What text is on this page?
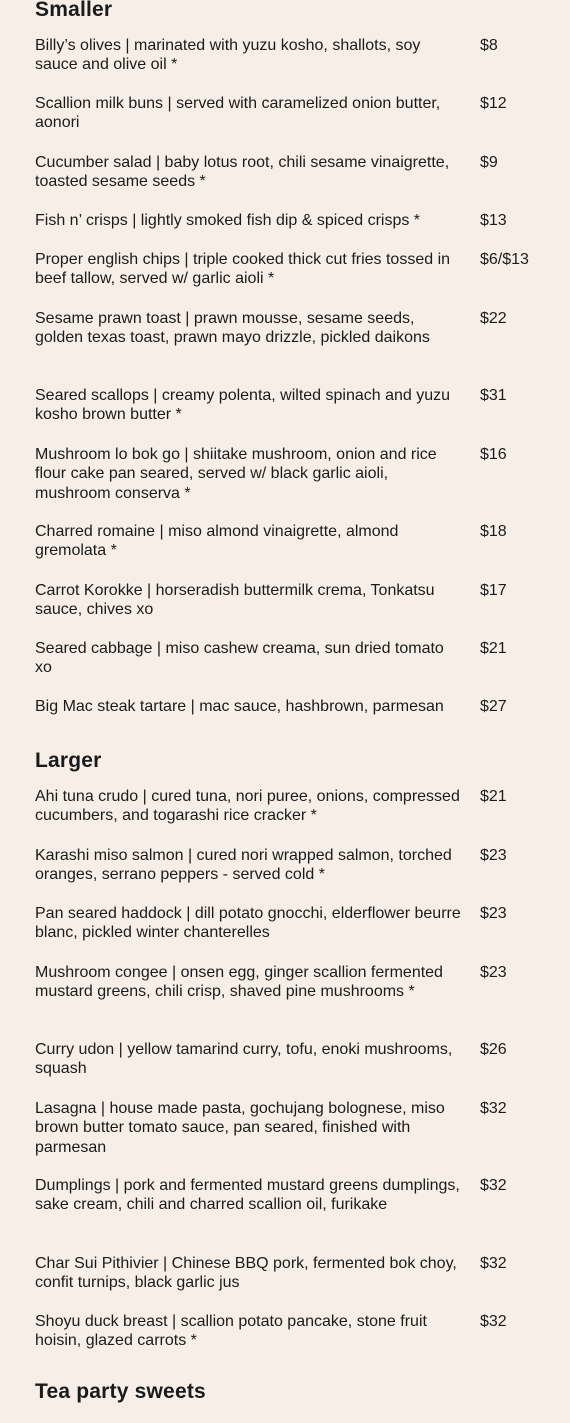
Smaller
Billy’s olives | marinated with yuzu kosho, shallots, soy sauce and olive oil *
$8
Scallion milk buns | served with caramelized onion butter, aonori
$12
Cucumber salad | baby lotus root, chili sesame vinaigrette, toasted sesame seeds *
$9
Fish n’ crisps | lightly smoked fish dip & spiced crisps *	$13
Proper english chips | triple cooked thick cut fries tossed in beef tallow, served w/ garlic aioli *
$6/$13
Sesame prawn toast | prawn mousse, sesame seeds, golden texas toast, prawn mayo drizzle, pickled daikons
$22
Seared scallops | creamy polenta, wilted spinach and yuzu kosho brown butter *
$31
Mushroom lo bok go | shiitake mushroom, onion and rice flour cake pan seared, served w/ black garlic aioli, mushroom conserva *
$16
Charred romaine | miso almond vinaigrette, almond gremolata *
$18
Carrot Korokke | horseradish buttermilk crema, Tonkatsu sauce, chives xo
$17
Seared cabbage | miso cashew creama, sun dried tomato xo
$21
Big Mac steak tartare | mac sauce, hashbrown, parmesan	$27
Larger
Ahi tuna crudo | cured tuna, nori puree, onions, compressed cucumbers, and togarashi rice cracker *
$21
Karashi miso salmon | cured nori wrapped salmon, torched oranges, serrano peppers - served cold *
$23
Pan seared haddock | dill potato gnocchi, elderflower beurre blanc, pickled winter chanterelles
$23
Mushroom congee | onsen egg, ginger scallion fermented mustard greens, chili crisp, shaved pine mushrooms *
$23
Curry udon | yellow tamarind curry, tofu, enoki mushrooms, squash
$26
Lasagna | house made pasta, gochujang bolognese, miso brown butter tomato sauce, pan seared, finished with parmesan
$32
Dumplings | pork and fermented mustard greens dumplings, sake cream, chili and charred scallion oil, furikake
$32
Char Sui Pithivier | Chinese BBQ pork, fermented bok choy, confit turnips, black garlic jus
$32
Shoyu duck breast | scallion potato pancake, stone fruit hoisin, glazed carrots *
$32
Tea party sweets
